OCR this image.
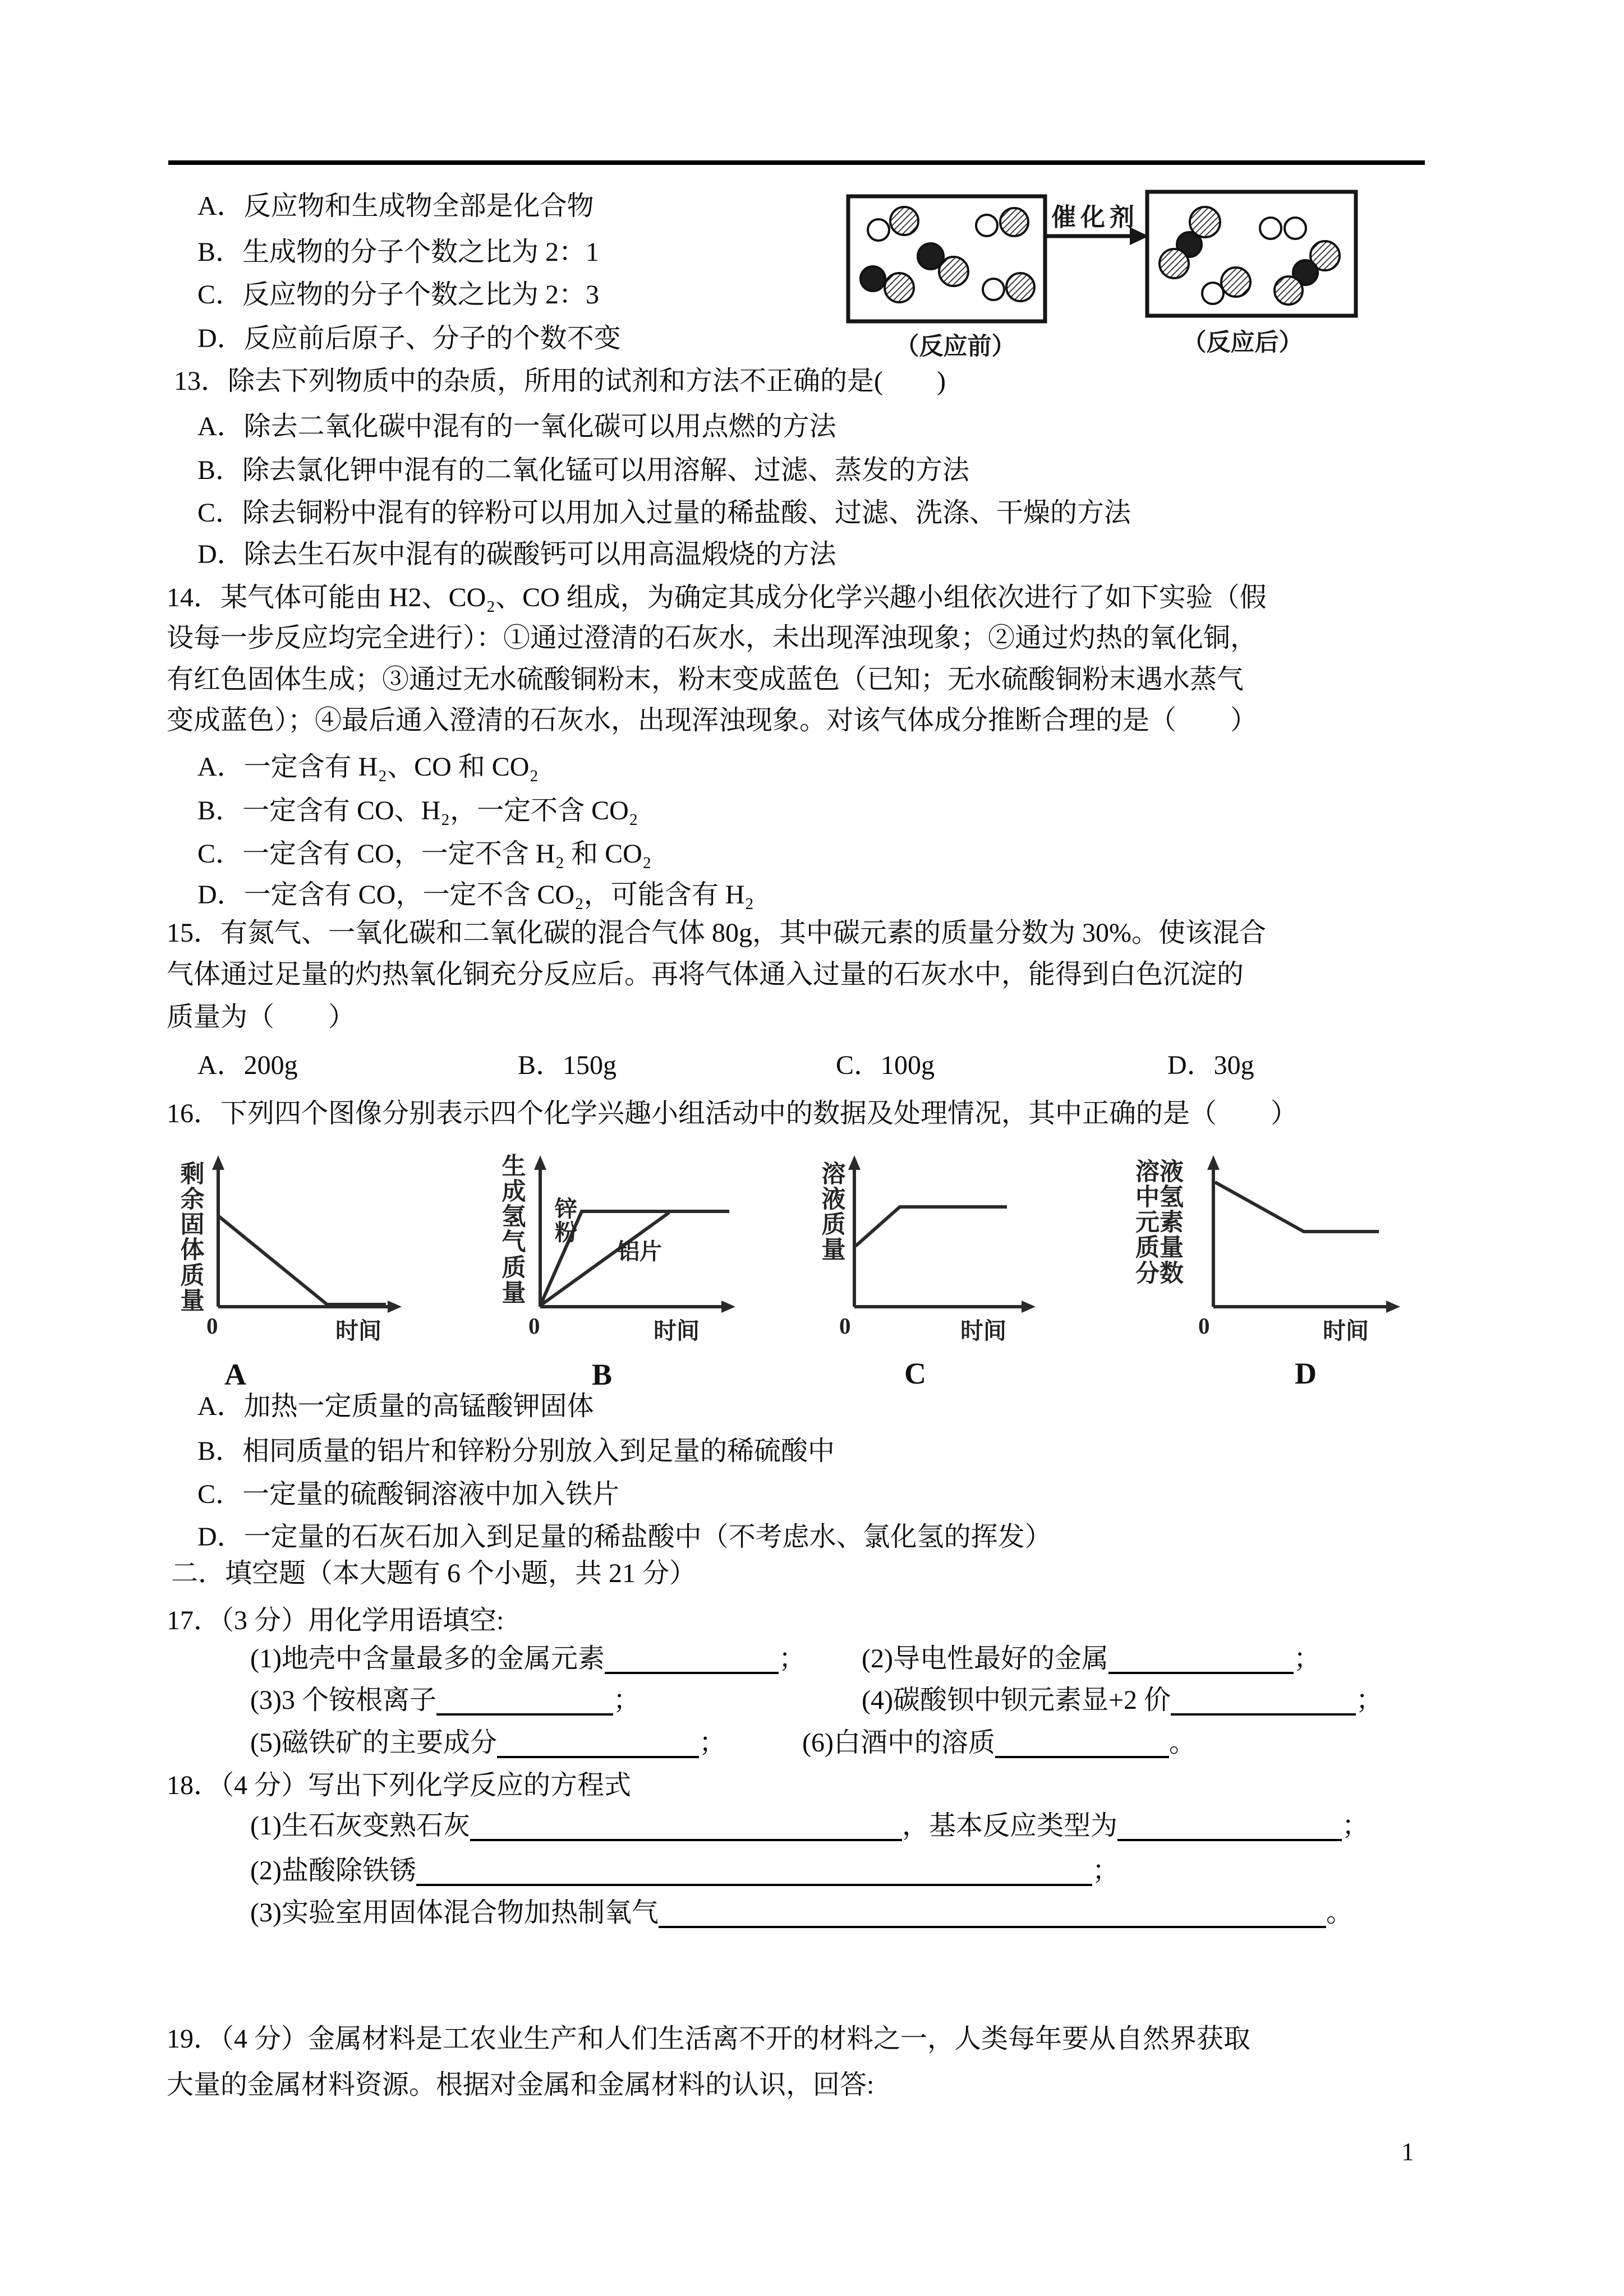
A．反应物和生成物全部是化合物
B．生成物的分子个数之比为 2：1
C．反应物的分子个数之比为 2：3
D．反应前后原子、分子的个数不变
催化剂
（反应前）	（反应后）
13．除去下列物质中的杂质，所用的试剂和方法不正确的是(　　)
A．除去二氧化碳中混有的一氧化碳可以用点燃的方法
B．除去氯化钾中混有的二氧化锰可以用溶解、过滤、蒸发的方法
C．除去铜粉中混有的锌粉可以用加入过量的稀盐酸、过滤、洗涤、干燥的方法
D．除去生石灰中混有的碳酸钙可以用高温煅烧的方法
14．某气体可能由 H2、CO₂、CO 组成，为确定其成分化学兴趣小组依次进行了如下实验（假
设每一步反应均完全进行）：①通过澄清的石灰水，未出现浑浊现象；②通过灼热的氧化铜，
有红色固体生成；③通过无水硫酸铜粉末，粉末变成蓝色（已知；无水硫酸铜粉末遇水蒸气
变成蓝色）；④最后通入澄清的石灰水，出现浑浊现象。对该气体成分推断合理的是（　　）
A．一定含有 H₂、CO 和 CO₂
B．一定含有 CO、H₂，一定不含 CO₂
C．一定含有 CO，一定不含 H₂ 和 CO₂
D．一定含有 CO，一定不含 CO₂，可能含有 H₂
15．有氮气、一氧化碳和二氧化碳的混合气体 80g，其中碳元素的质量分数为 30%。使该混合
气体通过足量的灼热氧化铜充分反应后。再将气体通入过量的石灰水中，能得到白色沉淀的
质量为（　　）
A．200g	B．150g	C．100g	D．30g
16．下列四个图像分别表示四个化学兴趣小组活动中的数据及处理情况，其中正确的是（　　）
剩余固体质量
0	时间
A
生成氢气质量
锌粉
铝片
0	时间
B
溶液质量
0	时间
C
溶液中氢元素质量分数
0	时间
D
A．加热一定质量的高锰酸钾固体
B．相同质量的铝片和锌粉分别放入到足量的稀硫酸中
C．一定量的硫酸铜溶液中加入铁片
D．一定量的石灰石加入到足量的稀盐酸中（不考虑水、氯化氢的挥发）
二．填空题（本大题有 6 个小题，共 21 分）
17．（3 分）用化学用语填空:
(1)地壳中含量最多的金属元素	； (2)导电性最好的金属	；
(3)3 个铵根离子	；	(4)碳酸钡中钡元素显+2 价	；
(5)磁铁矿的主要成分	；	(6)白酒中的溶质	。
18．（4 分）写出下列化学反应的方程式
(1)生石灰变熟石灰	，基本反应类型为	；
(2)盐酸除铁锈	；
(3)实验室用固体混合物加热制氧气	。
19．（4 分）金属材料是工农业生产和人们生活离不开的材料之一，人类每年要从自然界获取
大量的金属材料资源。根据对金属和金属材料的认识，回答:
1
